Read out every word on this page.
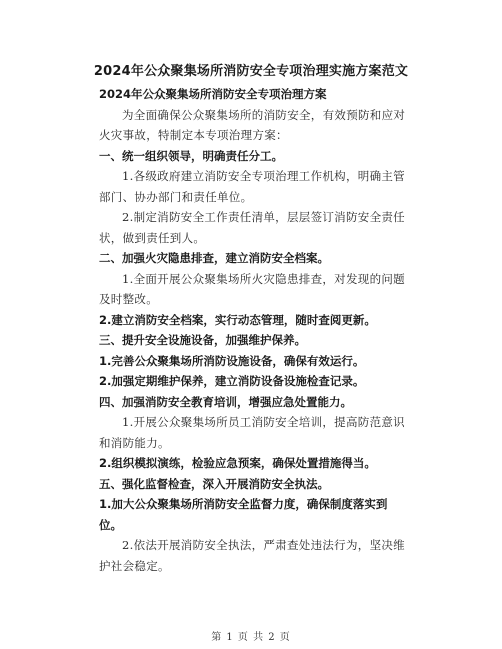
2024年公众聚集场所消防安全专项治理实施方案范文

2024年公众聚集场所消防安全专项治理方案

为全面确保公众聚集场所的消防安全，有效预防和应对火灾事故，特制定本专项治理方案：

一、统一组织领导，明确责任分工。

1.各级政府建立消防安全专项治理工作机构，明确主管部门、协办部门和责任单位。

2.制定消防安全工作责任清单，层层签订消防安全责任状，做到责任到人。

二、加强火灾隐患排查，建立消防安全档案。

1.全面开展公众聚集场所火灾隐患排查，对发现的问题及时整改。

2.建立消防安全档案，实行动态管理，随时查阅更新。

三、提升安全设施设备，加强维护保养。

1.完善公众聚集场所消防设施设备，确保有效运行。

2.加强定期维护保养，建立消防设备设施检查记录。

四、加强消防安全教育培训，增强应急处置能力。

1.开展公众聚集场所员工消防安全培训，提高防范意识和消防能力。

2.组织模拟演练，检验应急预案，确保处置措施得当。

五、强化监督检查，深入开展消防安全执法。

1.加大公众聚集场所消防安全监督力度，确保制度落实到位。

2.依法开展消防安全执法，严肃查处违法行为，坚决维护社会稳定。

第 1 页 共 2 页
